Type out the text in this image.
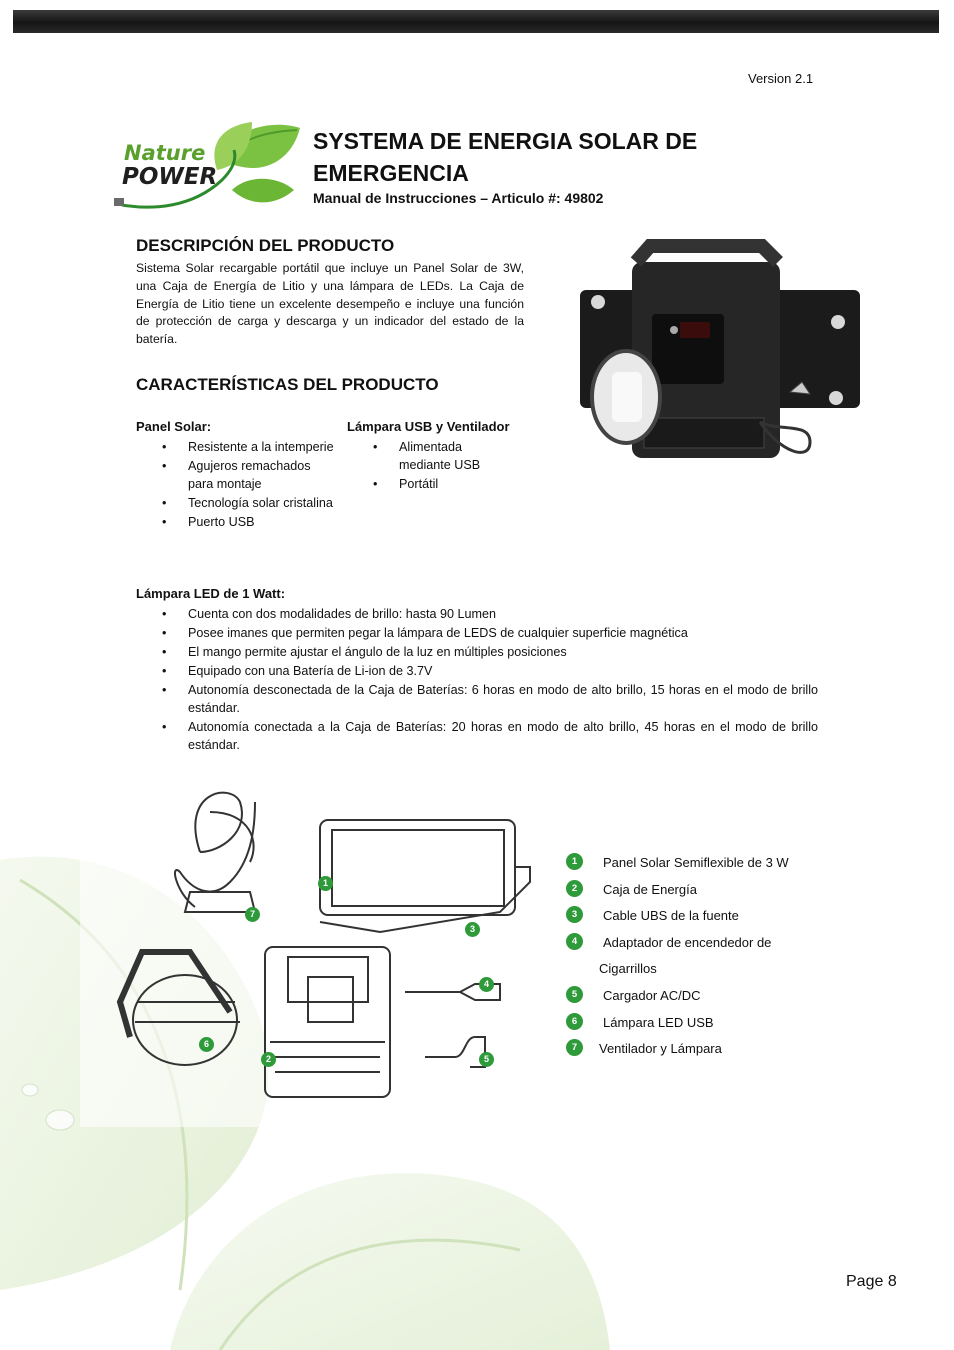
Version 2.1
Nature
POWER
SYSTEMA DE ENERGIA SOLAR DE EMERGENCIA
Manual de Instrucciones – Articulo #: 49802
DESCRIPCIÓN DEL PRODUCTO
Sistema Solar recargable portátil que incluye un Panel Solar de 3W, una Caja de Energía de Litio y una lámpara de LEDs. La Caja de Energía de Litio tiene un excelente desempeño e incluye una función de protección de carga y descarga y un indicador del estado de la batería.
CARACTERÍSTICAS DEL PRODUCTO
Panel Solar:
• Resistente a la intemperie
• Agujeros remachados para montaje
• Tecnología solar cristalina
• Puerto USB
Lámpara USB y Ventilador
• Alimentada mediante USB
• Portátil
Lámpara LED de 1 Watt:
• Cuenta con dos modalidades de brillo: hasta 90 Lumen
• Posee imanes que permiten pegar la lámpara de LEDS de cualquier superficie magnética
• El mango permite ajustar el ángulo de la luz en múltiples posiciones
• Equipado con una Batería de Li-ion de 3.7V
• Autonomía desconectada de la Caja de Baterías: 6 horas en modo de alto brillo, 15 horas en el modo de brillo estándar.
• Autonomía conectada a la Caja de Baterías: 20 horas en modo de alto brillo, 45 horas en el modo de brillo estándar.
1
2
3
4
5
6
7
1	Panel Solar Semiflexible de 3 W
2	Caja de Energía
3	Cable UBS de la fuente
4	Adaptador de encendedor de
Cigarrillos
5	Cargador AC/DC
6	Lámpara LED USB
7	Ventilador y Lámpara
Page 8
